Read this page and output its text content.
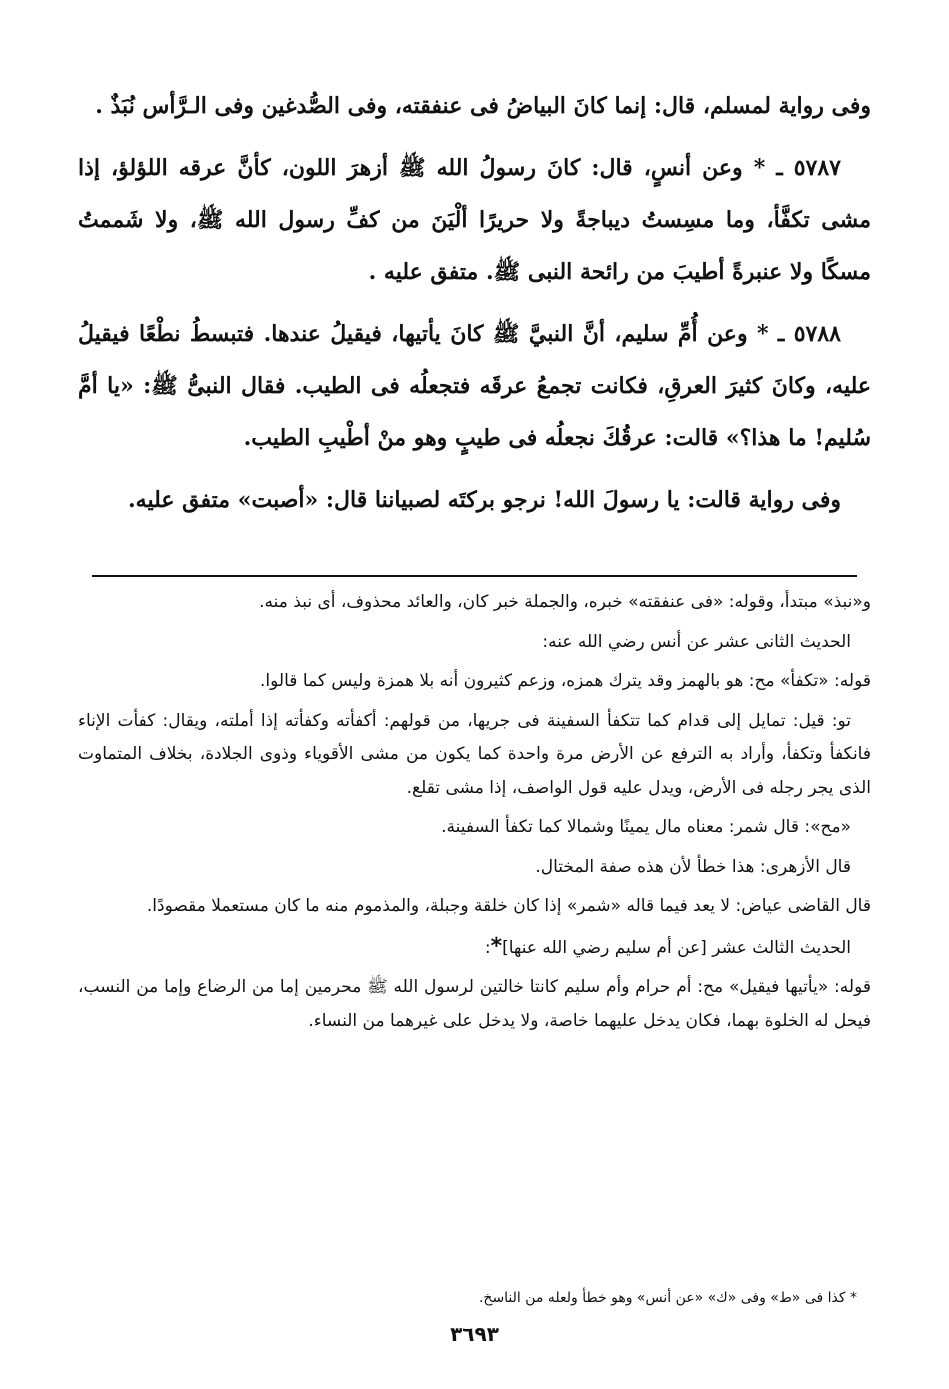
وفى رواية لمسلم، قال: إنما كانَ البياضُ فى عنفقته، وفى الصُّدغين وفى الـرَّأس نُبَذٌ .

٥٧٨٧ ـ * وعن أنسٍ، قال: كانَ رسولُ الله ﷺ أزهرَ اللون، كأنَّ عرقه اللؤلؤ، إذا مشى تكفَّأ، وما مسِستُ ديباجةً ولا حريرًا ألْيَنَ من كفِّ رسول الله ﷺ، ولا شَممتُ مسكًا ولا عنبرةً أطيبَ من رائحة النبى ﷺ. متفق عليه .

٥٧٨٨ ـ * وعن أُمِّ سليم، أنَّ النبيَّ ﷺ كانَ يأتيها، فيقيلُ عندها. فتبسطُ نطْعًا فيقيلُ عليه، وكانَ كثيرَ العرقِ، فكانت تجمعُ عرقَه فتجعلُه فى الطيب. فقال النبىُّ ﷺ: «يا أمَّ سُليم! ما هذا؟» قالت: عرقُكَ نجعلُه فى طيبٍ وهو منْ أطْيبِ الطيب.

وفى رواية قالت: يا رسولَ الله! نرجو بركتَه لصبياننا قال: «أصبت» متفق عليه.

و«نبذ» مبتدأ، وقوله: «فى عنفقته» خبره، والجملة خبر كان، والعائد محذوف، أى نبذ منه.

الحديث الثانى عشر عن أنس رضي الله عنه:

قوله: «تكفأ» مح: هو بالهمز وقد يترك همزه، وزعم كثيرون أنه بلا همزة وليس كما قالوا.

تو: قيل: تمايل إلى قدام كما تتكفأ السفينة فى جريها، من قولهم: أكفأته وكفأته إذا أملته، ويقال: كفأت الإناء فانكفأ وتكفأ، وأراد به الترفع عن الأرض مرة واحدة كما يكون من مشى الأقوياء وذوى الجلادة، بخلاف المتماوت الذى يجر رجله فى الأرض، ويدل عليه قول الواصف، إذا مشى تقلع.

«مح»: قال شمر: معناه مال يمينًا وشمالا كما تكفأ السفينة.

قال الأزهرى: هذا خطأ لأن هذه صفة المختال.

قال القاضى عياض: لا يعد فيما قاله «شمر» إذا كان خلقة وجبلة، والمذموم منه ما كان مستعملا مقصودًا.

الحديث الثالث عشر [عن أم سليم رضي الله عنها]*:

قوله: «يأتيها فيقيل» مح: أم حرام وأم سليم كانتا خالتين لرسول الله ﷺ محرمين إما من الرضاع وإما من النسب، فيحل له الخلوة بهما، فكان يدخل عليهما خاصة، ولا يدخل على غيرهما من النساء.

* كذا فى «ط» وفى «ك» «عن أنس» وهو خطأ ولعله من الناسخ.
٣٦٩٣
